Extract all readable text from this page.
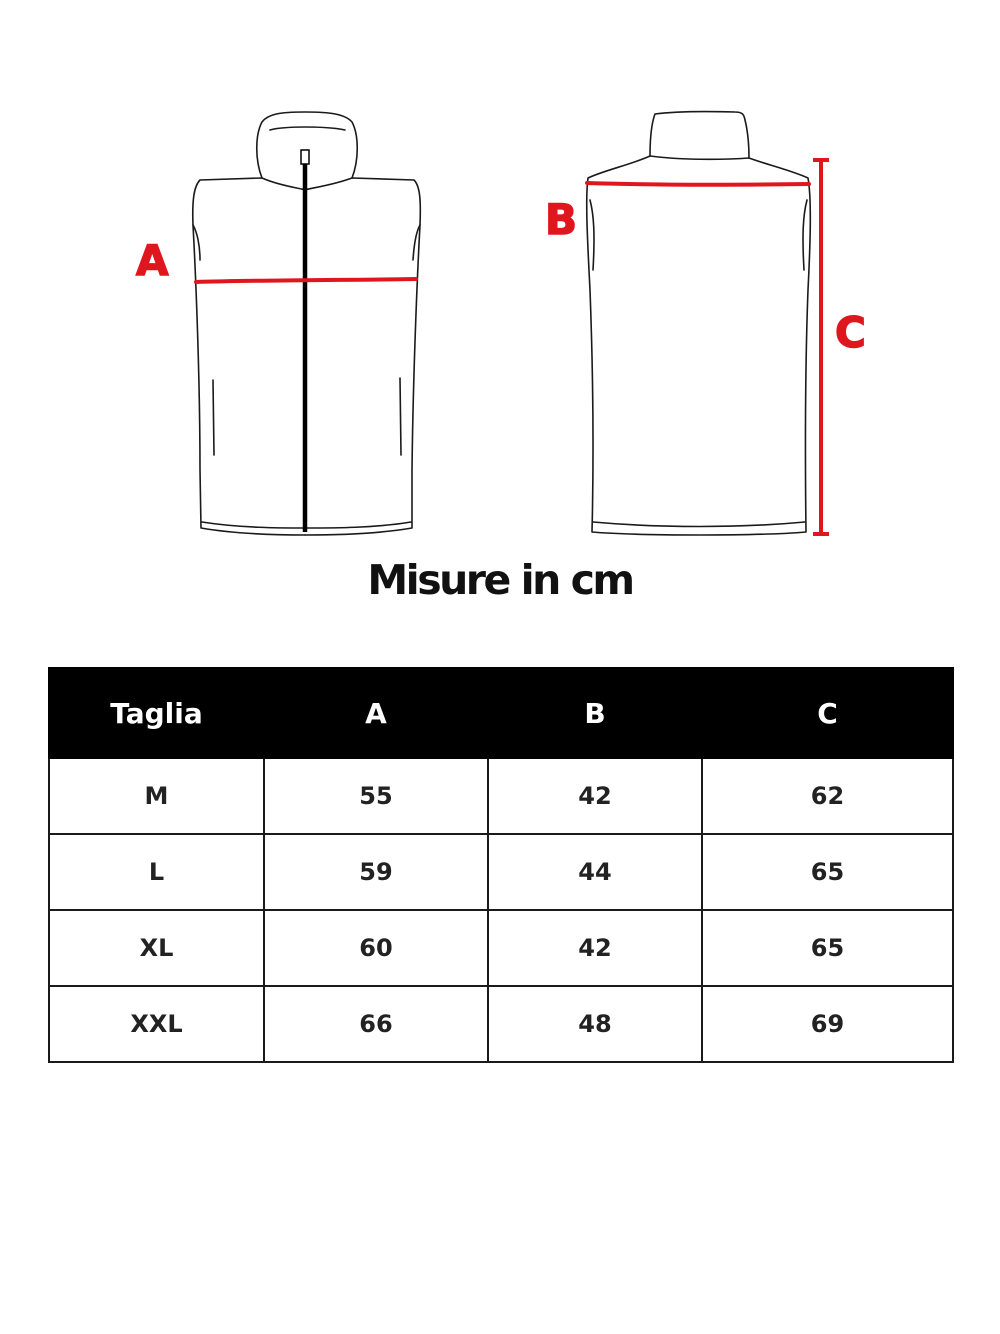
A
B
C
Misure in cm
Taglia	A	B	C
M	55	42	62
L	59	44	65
XL	60	42	65
XXL	66	48	69
